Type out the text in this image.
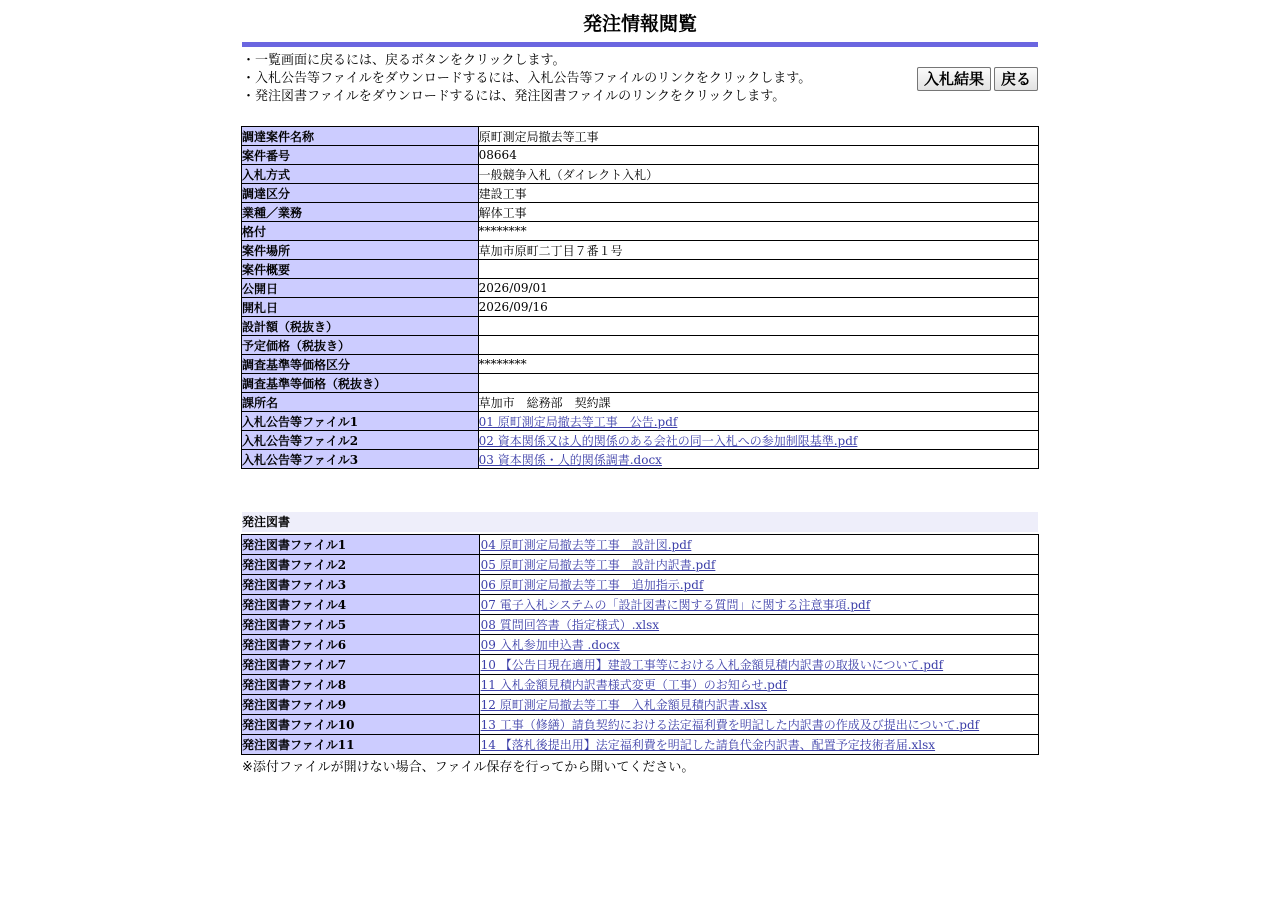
発注情報閲覧
・一覧画面に戻るには、戻るボタンをクリックします。
・入札公告等ファイルをダウンロードするには、入札公告等ファイルのリンクをクリックします。
・発注図書ファイルをダウンロードするには、発注図書ファイルのリンクをクリックします。
入札結果	戻る
調達案件名称	原町測定局撤去等工事
案件番号	08664
入札方式	一般競争入札（ダイレクト入札）
調達区分	建設工事
業種／業務	解体工事
格付	********
案件場所	草加市原町二丁目７番１号
案件概要	
公開日	2026/09/01
開札日	2026/09/16
設計額（税抜き）	
予定価格（税抜き）	
調査基準等価格区分	********
調査基準等価格（税抜き）	
課所名	草加市　総務部　契約課
入札公告等ファイル1	01 原町測定局撤去等工事　公告.pdf
入札公告等ファイル2	02 資本関係又は人的関係のある会社の同一入札への参加制限基準.pdf
入札公告等ファイル3	03 資本関係・人的関係調書.docx
発注図書
発注図書ファイル1	04 原町測定局撤去等工事　設計図.pdf
発注図書ファイル2	05 原町測定局撤去等工事　設計内訳書.pdf
発注図書ファイル3	06 原町測定局撤去等工事　追加指示.pdf
発注図書ファイル4	07 電子入札システムの「設計図書に関する質問」に関する注意事項.pdf
発注図書ファイル5	08 質問回答書（指定様式）.xlsx
発注図書ファイル6	09 入札参加申込書 .docx
発注図書ファイル7	10 【公告日現在適用】建設工事等における入札金額見積内訳書の取扱いについて.pdf
発注図書ファイル8	11 入札金額見積内訳書様式変更（工事）のお知らせ.pdf
発注図書ファイル9	12 原町測定局撤去等工事　入札金額見積内訳書.xlsx
発注図書ファイル10	13 工事（修繕）請負契約における法定福利費を明記した内訳書の作成及び提出について.pdf
発注図書ファイル11	14 【落札後提出用】法定福利費を明記した請負代金内訳書、配置予定技術者届.xlsx
※添付ファイルが開けない場合、ファイル保存を行ってから開いてください。
